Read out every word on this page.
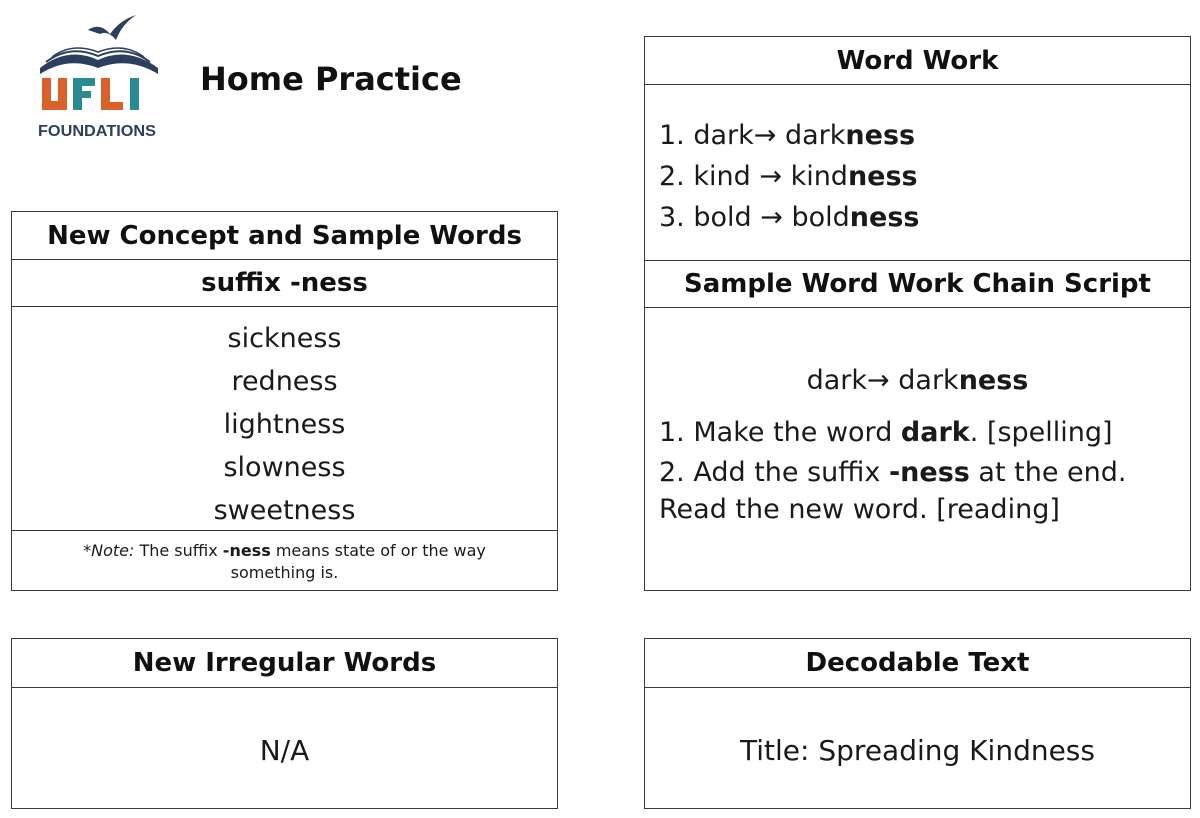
FOUNDATIONS
Home Practice
New Concept and Sample Words
suffix -ness
sickness
redness
lightness
slowness
sweetness
*Note: The suffix -ness means state of or the way something is.
Word Work
1. dark→ darkness
2. kind → kindness
3. bold → boldness
Sample Word Work Chain Script
dark→ darkness
1. Make the word dark. [spelling]
2. Add the suffix -ness at the end.
Read the new word. [reading]
New Irregular Words
N/A
Decodable Text
Title: Spreading Kindness
